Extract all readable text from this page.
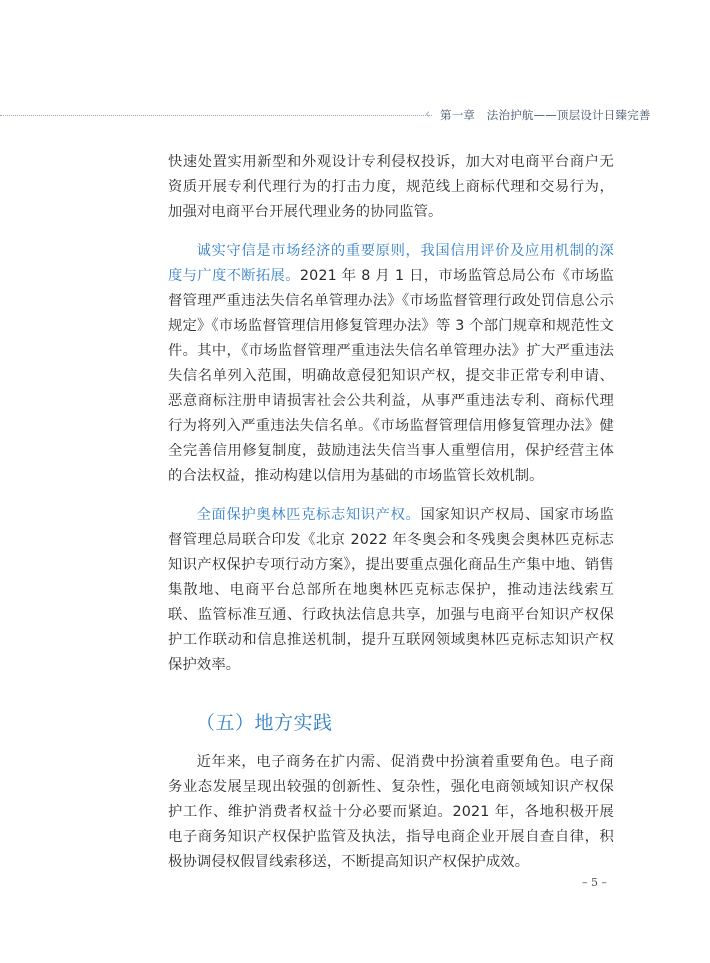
‹ 第一章　法治护航——顶层设计日臻完善

快速处置实用新型和外观设计专利侵权投诉，加大对电商平台商户无资质开展专利代理行为的打击力度，规范线上商标代理和交易行为，加强对电商平台开展代理业务的协同监管。

诚实守信是市场经济的重要原则，我国信用评价及应用机制的深度与广度不断拓展。2021 年 8 月 1 日，市场监管总局公布《市场监督管理严重违法失信名单管理办法》《市场监督管理行政处罚信息公示规定》《市场监督管理信用修复管理办法》等 3 个部门规章和规范性文件。其中，《市场监督管理严重违法失信名单管理办法》扩大严重违法失信名单列入范围，明确故意侵犯知识产权，提交非正常专利申请、恶意商标注册申请损害社会公共利益，从事严重违法专利、商标代理行为将列入严重违法失信名单。《市场监督管理信用修复管理办法》健全完善信用修复制度，鼓励违法失信当事人重塑信用，保护经营主体的合法权益，推动构建以信用为基础的市场监管长效机制。

全面保护奥林匹克标志知识产权。国家知识产权局、国家市场监督管理总局联合印发《北京 2022 年冬奥会和冬残奥会奥林匹克标志知识产权保护专项行动方案》，提出要重点强化商品生产集中地、销售集散地、电商平台总部所在地奥林匹克标志保护，推动违法线索互联、监管标准互通、行政执法信息共享，加强与电商平台知识产权保护工作联动和信息推送机制，提升互联网领域奥林匹克标志知识产权保护效率。

（五）地方实践

近年来，电子商务在扩内需、促消费中扮演着重要角色。电子商务业态发展呈现出较强的创新性、复杂性，强化电商领域知识产权保护工作、维护消费者权益十分必要而紧迫。2021 年，各地积极开展电子商务知识产权保护监管及执法，指导电商企业开展自查自律，积极协调侵权假冒线索移送，不断提高知识产权保护成效。

– 5 –
